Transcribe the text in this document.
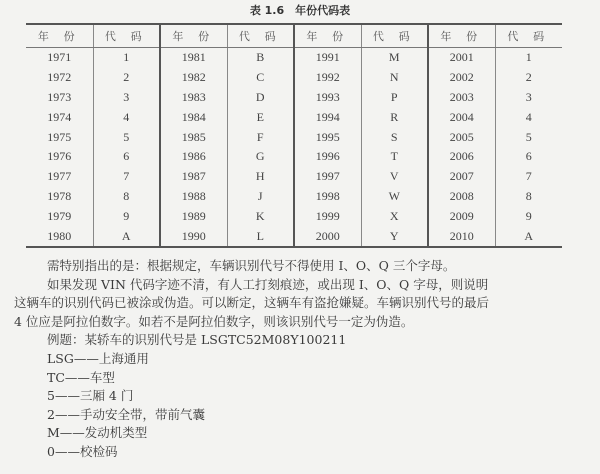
表 1.6　年份代码表
年 份	代 码	年 份	代 码	年 份	代 码	年 份	代 码
1971	1	1981	B	1991	M	2001	1
1972	2	1982	C	1992	N	2002	2
1973	3	1983	D	1993	P	2003	3
1974	4	1984	E	1994	R	2004	4
1975	5	1985	F	1995	S	2005	5
1976	6	1986	G	1996	T	2006	6
1977	7	1987	H	1997	V	2007	7
1978	8	1988	J	1998	W	2008	8
1979	9	1989	K	1999	X	2009	9
1980	A	1990	L	2000	Y	2010	A

需特别指出的是：根据规定，车辆识别代号不得使用 I、O、Q 三个字母。

如果发现 VIN 代码字迹不清，有人工打刻痕迹，或出现 I、O、Q 字母，则说明这辆车的识别代码已被涂或伪造。可以断定，这辆车有盗抢嫌疑。车辆识别代号的最后 4 位应是阿拉伯数字。如若不是阿拉伯数字，则该识别代号一定为伪造。

例题：某轿车的识别代号是 LSGTC52M08Y100211

LSG——上海通用

TC——车型

5——三厢 4 门

2——手动安全带，带前气囊

M——发动机类型

0——校检码
